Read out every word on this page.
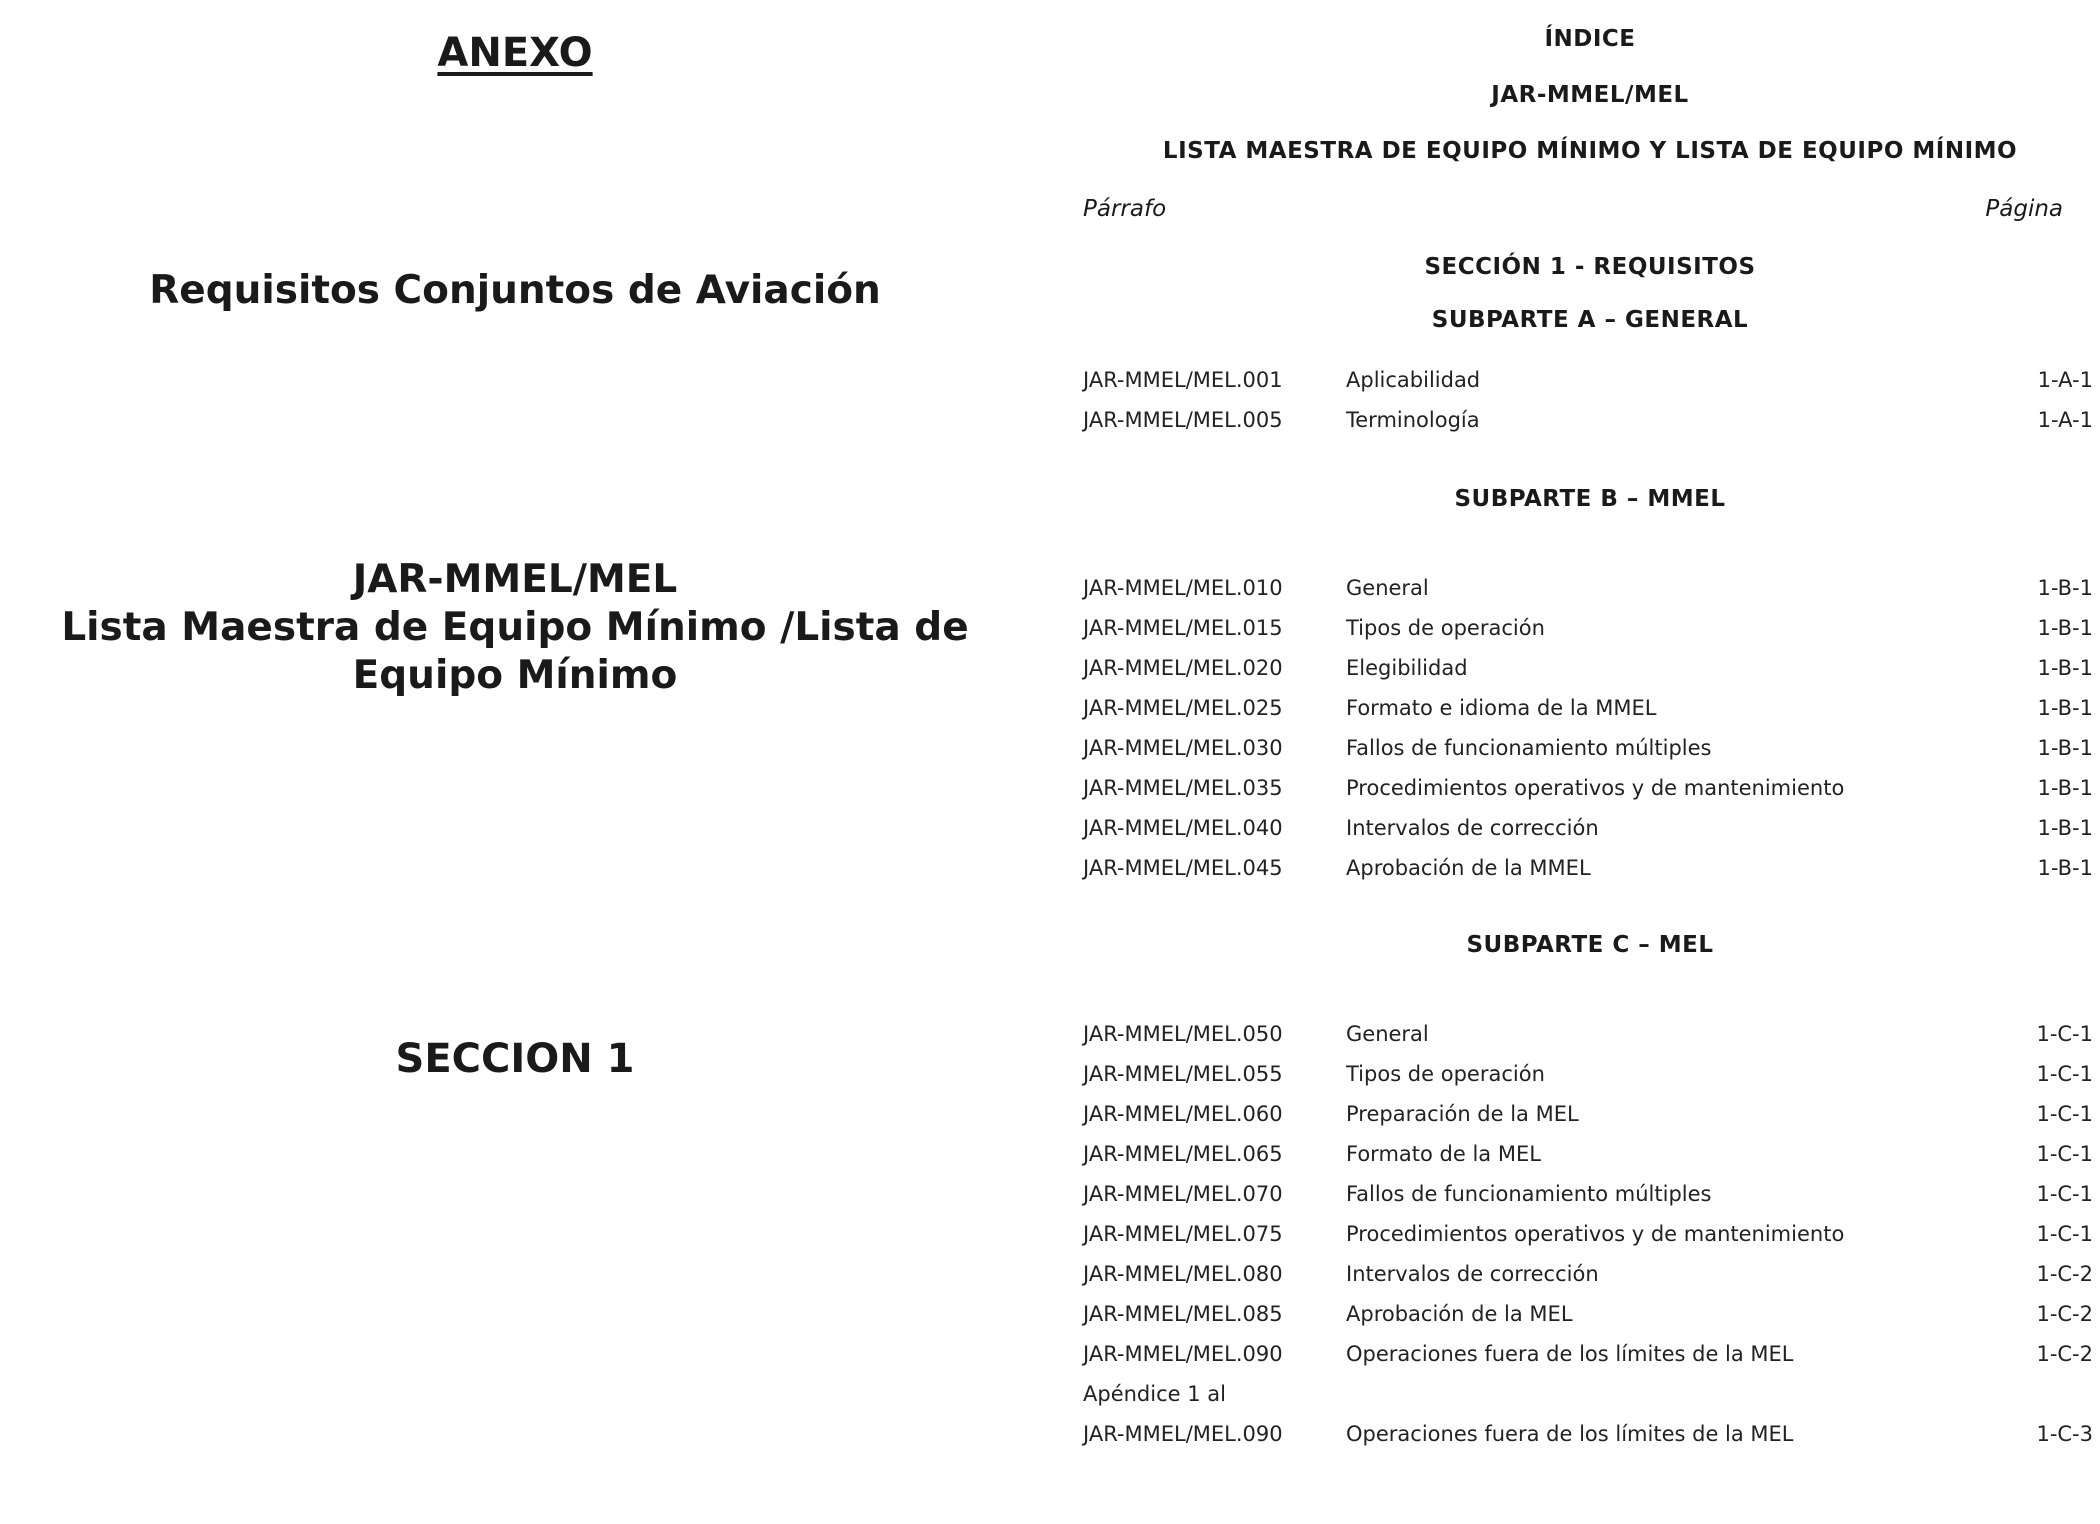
ANEXO
Requisitos Conjuntos de Aviación
JAR-MMEL/MEL
Lista Maestra de Equipo Mínimo /Lista de
Equipo Mínimo
SECCION 1
ÍNDICE
JAR-MMEL/MEL
LISTA MAESTRA DE EQUIPO MÍNIMO Y LISTA DE EQUIPO MÍNIMO
Párrafo	Página
SECCIÓN 1 - REQUISITOS
SUBPARTE A – GENERAL
JAR-MMEL/MEL.001	Aplicabilidad	1-A-1
JAR-MMEL/MEL.005	Terminología	1-A-1
SUBPARTE B – MMEL
JAR-MMEL/MEL.010	General	1-B-1
JAR-MMEL/MEL.015	Tipos de operación	1-B-1
JAR-MMEL/MEL.020	Elegibilidad	1-B-1
JAR-MMEL/MEL.025	Formato e idioma de la MMEL	1-B-1
JAR-MMEL/MEL.030	Fallos de funcionamiento múltiples	1-B-1
JAR-MMEL/MEL.035	Procedimientos operativos y de mantenimiento	1-B-1
JAR-MMEL/MEL.040	Intervalos de corrección	1-B-1
JAR-MMEL/MEL.045	Aprobación de la MMEL	1-B-1
SUBPARTE C – MEL
JAR-MMEL/MEL.050	General	1-C-1
JAR-MMEL/MEL.055	Tipos de operación	1-C-1
JAR-MMEL/MEL.060	Preparación de la MEL	1-C-1
JAR-MMEL/MEL.065	Formato de la MEL	1-C-1
JAR-MMEL/MEL.070	Fallos de funcionamiento múltiples	1-C-1
JAR-MMEL/MEL.075	Procedimientos operativos y de mantenimiento	1-C-1
JAR-MMEL/MEL.080	Intervalos de corrección	1-C-2
JAR-MMEL/MEL.085	Aprobación de la MEL	1-C-2
JAR-MMEL/MEL.090	Operaciones fuera de los límites de la MEL	1-C-2
Apéndice 1 al
JAR-MMEL/MEL.090	Operaciones fuera de los límites de la MEL	1-C-3
